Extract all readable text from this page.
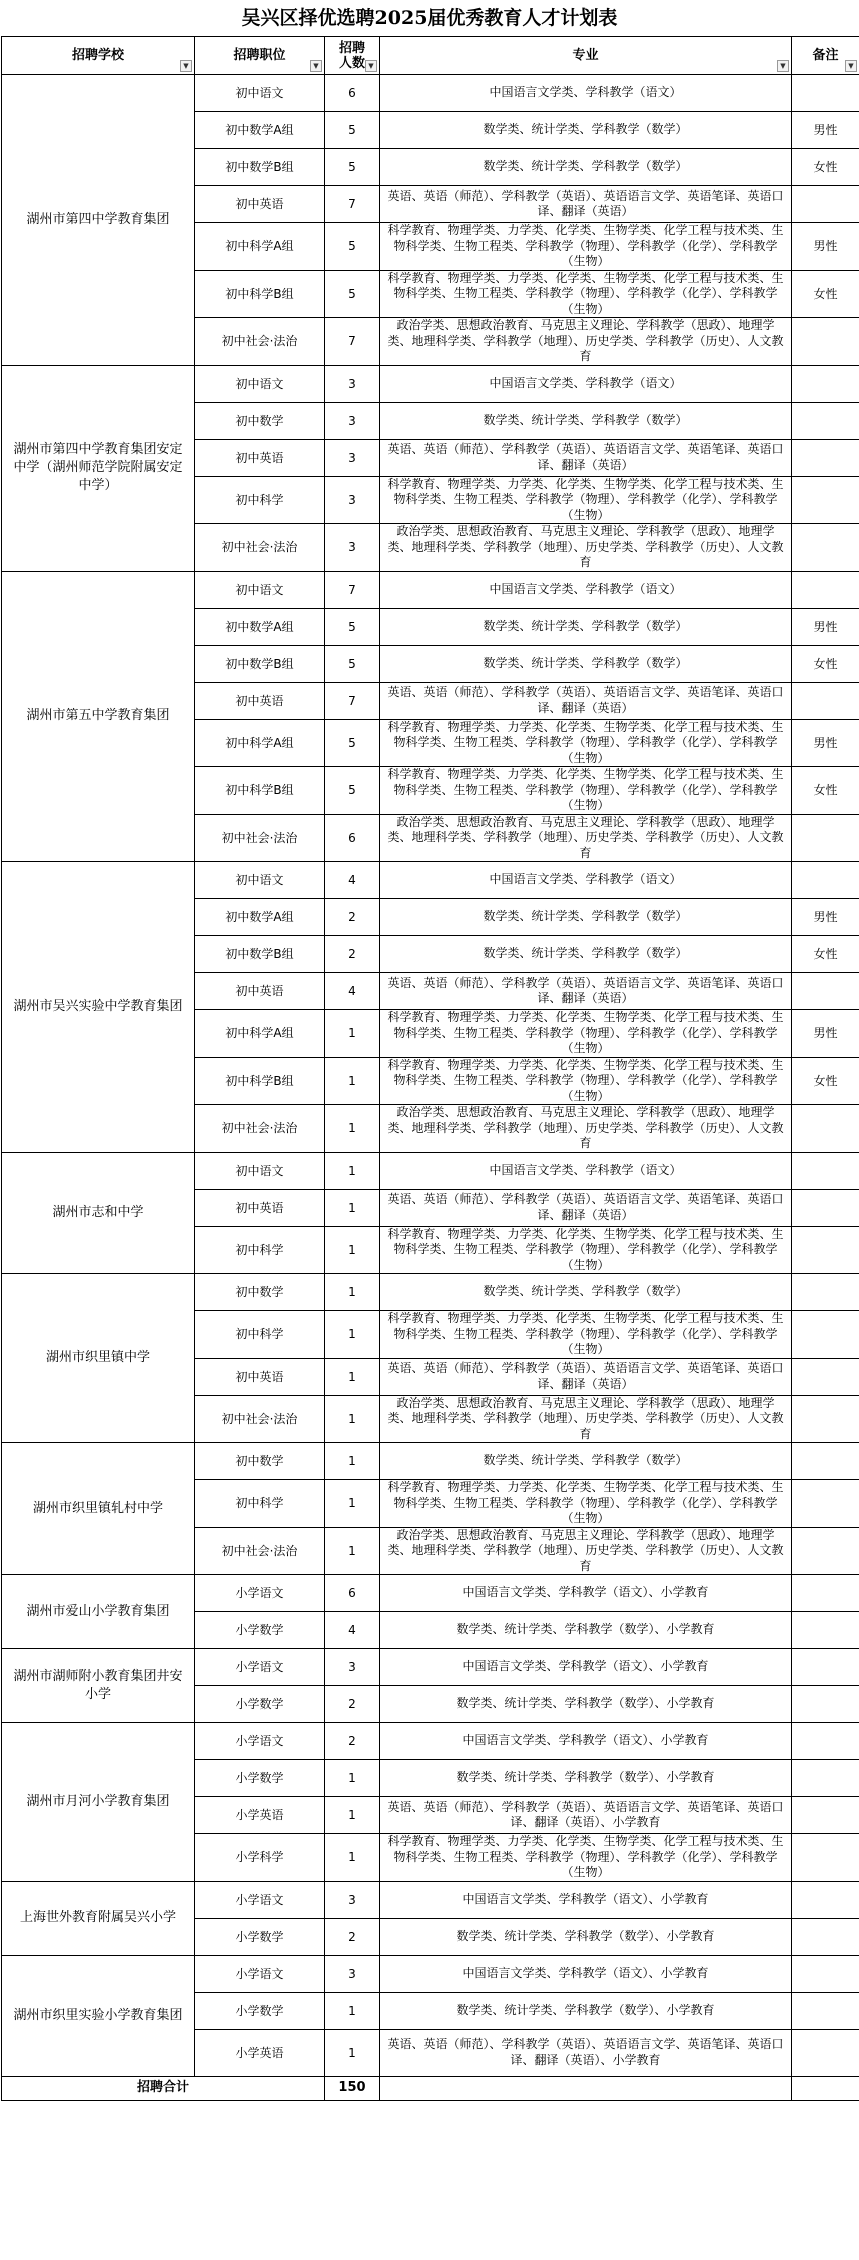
吴兴区择优选聘2025届优秀教育人才计划表
招聘学校
▼	招聘职位
▼	招聘人数 ▼	专业
▼	备注
▼

湖州市第四中学教育集团	初中语文	6	中国语言文学类、学科教学（语文）	
	初中数学A组	5	数学类、统计学类、学科教学（数学）	男性
	初中数学B组	5	数学类、统计学类、学科教学（数学）	女性
	初中英语	7	英语、英语（师范）、学科教学（英语）、英语语言文学、英语笔译、英语口译、翻译（英语）	
	初中科学A组	5	科学教育、物理学类、力学类、化学类、生物学类、化学工程与技术类、生物科学类、生物工程类、学科教学（物理）、学科教学（化学）、学科教学（生物）	男性
	初中科学B组	5	科学教育、物理学类、力学类、化学类、生物学类、化学工程与技术类、生物科学类、生物工程类、学科教学（物理）、学科教学（化学）、学科教学（生物）	女性
	初中社会·法治	7	政治学类、思想政治教育、马克思主义理论、学科教学（思政）、地理学类、地理科学类、学科教学（地理）、历史学类、学科教学（历史）、人文教育	
湖州市第四中学教育集团安定中学（湖州师范学院附属安定中学）	初中语文	3	中国语言文学类、学科教学（语文）	
	初中数学	3	数学类、统计学类、学科教学（数学）	
	初中英语	3	英语、英语（师范）、学科教学（英语）、英语语言文学、英语笔译、英语口译、翻译（英语）	
	初中科学	3	科学教育、物理学类、力学类、化学类、生物学类、化学工程与技术类、生物科学类、生物工程类、学科教学（物理）、学科教学（化学）、学科教学（生物）	
	初中社会·法治	3	政治学类、思想政治教育、马克思主义理论、学科教学（思政）、地理学类、地理科学类、学科教学（地理）、历史学类、学科教学（历史）、人文教育	
湖州市第五中学教育集团	初中语文	7	中国语言文学类、学科教学（语文）	
	初中数学A组	5	数学类、统计学类、学科教学（数学）	男性
	初中数学B组	5	数学类、统计学类、学科教学（数学）	女性
	初中英语	7	英语、英语（师范）、学科教学（英语）、英语语言文学、英语笔译、英语口译、翻译（英语）	
	初中科学A组	5	科学教育、物理学类、力学类、化学类、生物学类、化学工程与技术类、生物科学类、生物工程类、学科教学（物理）、学科教学（化学）、学科教学（生物）	男性
	初中科学B组	5	科学教育、物理学类、力学类、化学类、生物学类、化学工程与技术类、生物科学类、生物工程类、学科教学（物理）、学科教学（化学）、学科教学（生物）	女性
	初中社会·法治	6	政治学类、思想政治教育、马克思主义理论、学科教学（思政）、地理学类、地理科学类、学科教学（地理）、历史学类、学科教学（历史）、人文教育	
湖州市吴兴实验中学教育集团	初中语文	4	中国语言文学类、学科教学（语文）	
	初中数学A组	2	数学类、统计学类、学科教学（数学）	男性
	初中数学B组	2	数学类、统计学类、学科教学（数学）	女性
	初中英语	4	英语、英语（师范）、学科教学（英语）、英语语言文学、英语笔译、英语口译、翻译（英语）	
	初中科学A组	1	科学教育、物理学类、力学类、化学类、生物学类、化学工程与技术类、生物科学类、生物工程类、学科教学（物理）、学科教学（化学）、学科教学（生物）	男性
	初中科学B组	1	科学教育、物理学类、力学类、化学类、生物学类、化学工程与技术类、生物科学类、生物工程类、学科教学（物理）、学科教学（化学）、学科教学（生物）	女性
	初中社会·法治	1	政治学类、思想政治教育、马克思主义理论、学科教学（思政）、地理学类、地理科学类、学科教学（地理）、历史学类、学科教学（历史）、人文教育	
湖州市志和中学	初中语文	1	中国语言文学类、学科教学（语文）	
	初中英语	1	英语、英语（师范）、学科教学（英语）、英语语言文学、英语笔译、英语口译、翻译（英语）	
	初中科学	1	科学教育、物理学类、力学类、化学类、生物学类、化学工程与技术类、生物科学类、生物工程类、学科教学（物理）、学科教学（化学）、学科教学（生物）	
湖州市织里镇中学	初中数学	1	数学类、统计学类、学科教学（数学）	
	初中科学	1	科学教育、物理学类、力学类、化学类、生物学类、化学工程与技术类、生物科学类、生物工程类、学科教学（物理）、学科教学（化学）、学科教学（生物）	
	初中英语	1	英语、英语（师范）、学科教学（英语）、英语语言文学、英语笔译、英语口译、翻译（英语）	
	初中社会·法治	1	政治学类、思想政治教育、马克思主义理论、学科教学（思政）、地理学类、地理科学类、学科教学（地理）、历史学类、学科教学（历史）、人文教育	
湖州市织里镇轧村中学	初中数学	1	数学类、统计学类、学科教学（数学）	
	初中科学	1	科学教育、物理学类、力学类、化学类、生物学类、化学工程与技术类、生物科学类、生物工程类、学科教学（物理）、学科教学（化学）、学科教学（生物）	
	初中社会·法治	1	政治学类、思想政治教育、马克思主义理论、学科教学（思政）、地理学类、地理科学类、学科教学（地理）、历史学类、学科教学（历史）、人文教育	
湖州市爱山小学教育集团	小学语文	6	中国语言文学类、学科教学（语文）、小学教育	
	小学数学	4	数学类、统计学类、学科教学（数学）、小学教育	
湖州市湖师附小教育集团井安小学	小学语文	3	中国语言文学类、学科教学（语文）、小学教育	
	小学数学	2	数学类、统计学类、学科教学（数学）、小学教育	
湖州市月河小学教育集团	小学语文	2	中国语言文学类、学科教学（语文）、小学教育	
	小学数学	1	数学类、统计学类、学科教学（数学）、小学教育	
	小学英语	1	英语、英语（师范）、学科教学（英语）、英语语言文学、英语笔译、英语口译、翻译（英语）、小学教育	
	小学科学	1	科学教育、物理学类、力学类、化学类、生物学类、化学工程与技术类、生物科学类、生物工程类、学科教学（物理）、学科教学（化学）、学科教学（生物）	
上海世外教育附属吴兴小学	小学语文	3	中国语言文学类、学科教学（语文）、小学教育	
	小学数学	2	数学类、统计学类、学科教学（数学）、小学教育	
湖州市织里实验小学教育集团	小学语文	3	中国语言文学类、学科教学（语文）、小学教育	
	小学数学	1	数学类、统计学类、学科教学（数学）、小学教育	
	小学英语	1	英语、英语（师范）、学科教学（英语）、英语语言文学、英语笔译、英语口译、翻译（英语）、小学教育	
招聘合计		150		
